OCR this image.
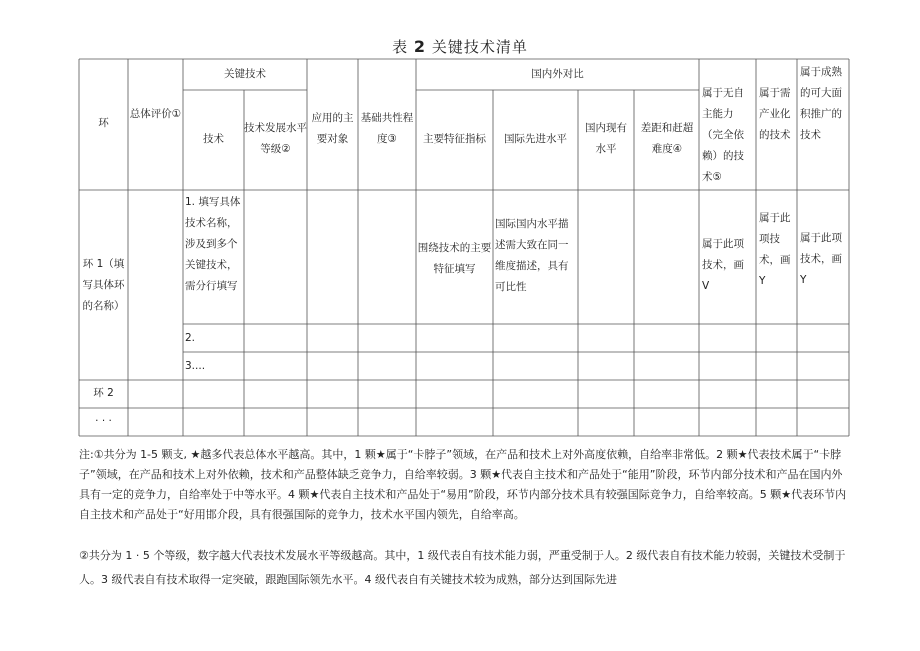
表 2 关键技术清单
环
总体评价①
关键技术
技术
技术发展水平等级②
应用的主要对象
基础共性程度③
国内外对比
主要特征指标	国际先进水平
国内现有水平
差距和赶超难度④
属于无自主能力（完全依赖）的技术⑤
属于需产业化的技术
属于成熟的可大面积推广的技术
环 1（填写具体环的名称）
1. 填写具体技术名称，涉及到多个关键技术，需分行填写
2.
3....
围绕技术的主要特征填写
国际国内水平描述需大致在同一维度描述，具有可比性
属于此项技术，画 V
属于此项技术，画 Y
属于此项技术，画 Y
环 2
· · ·
注:①共分为 1-5 颗支, ★越多代表总体水平越高。其中，1 颗★属于“卡脖子”领域，在产品和技术上对外高度依赖，自给率非常低。2 颗★代表技术属于“卡脖子”领域，在产品和技术上对外依赖，技术和产品整体缺乏竞争力，自给率较弱。3 颗★代表自主技术和产品处于“能用”阶段，环节内部分技术和产品在国内外具有一定的竞争力，自给率处于中等水平。4 颗★代表自主技术和产品处于“易用”阶段，环节内部分技术具有较强国际竞争力，自给率较高。5 颗★代表环节内自主技术和产品处于“好用邯介段，具有很强国际的竞争力，技术水平国内领先，自给率高。
②共分为 1 · 5 个等级，数字越大代表技术发展水平等级越高。其中，1 级代表自有技术能力弱，严重受制于人。2 级代表自有技术能力较弱，关键技术受制于人。3 级代表自有技术取得一定突破，跟跑国际领先水平。4 级代表自有关键技术较为成熟，部分达到国际先进
